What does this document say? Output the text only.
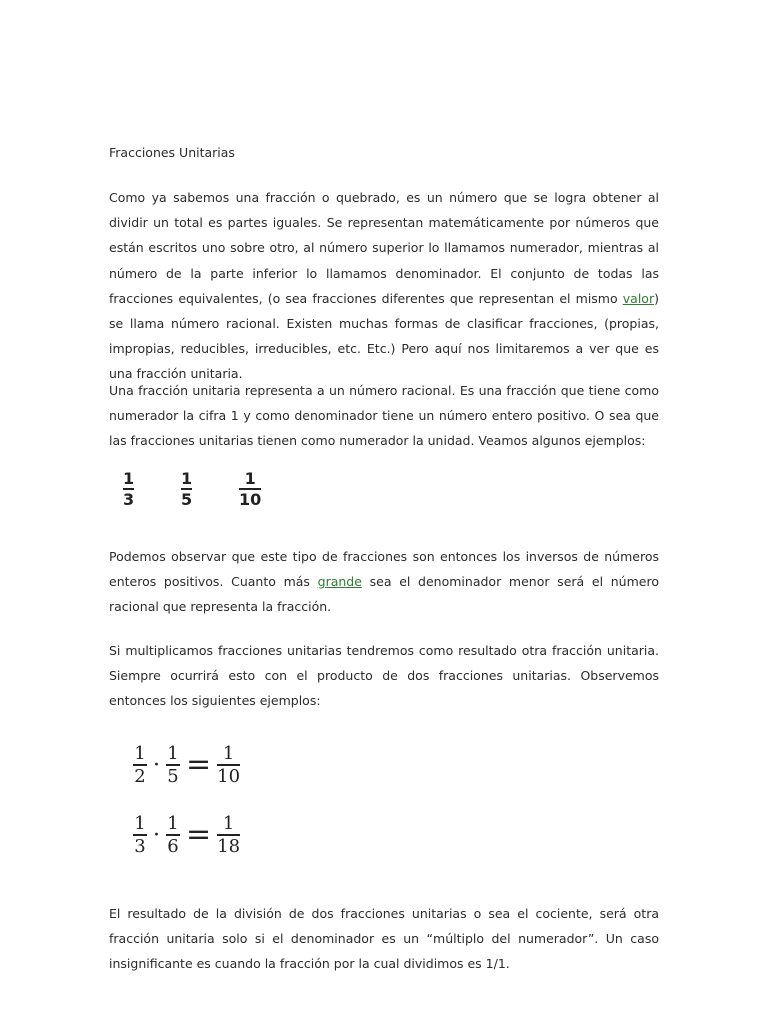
Fracciones Unitarias

Como ya sabemos una fracción o quebrado, es un número que se logra obtener al dividir un total es partes iguales. Se representan matemáticamente por números que están escritos uno sobre otro, al número superior lo llamamos numerador, mientras al número de la parte inferior lo llamamos denominador. El conjunto de todas las fracciones equivalentes, (o sea fracciones diferentes que representan el mismo valor) se llama número racional. Existen muchas formas de clasificar fracciones, (propias, impropias, reducibles, irreducibles, etc. Etc.) Pero aquí nos limitaremos a ver que es una fracción unitaria.

Una fracción unitaria representa a un número racional. Es una fracción que tiene como numerador la cifra 1 y como denominador tiene un número entero positivo. O sea que las fracciones unitarias tienen como numerador la unidad. Veamos algunos ejemplos:

1
3
1
5
1
10

Podemos observar que este tipo de fracciones son entonces los inversos de números enteros positivos. Cuanto más grande sea el denominador menor será el número racional que representa la fracción.

Si multiplicamos fracciones unitarias tendremos como resultado otra fracción unitaria. Siempre ocurrirá esto con el producto de dos fracciones unitarias. Observemos entonces los siguientes ejemplos:

$\frac{1}{2} \cdot \frac{1}{5} = \frac{1}{10}$
$\frac{1}{3} \cdot \frac{1}{6} = \frac{1}{18}$

El resultado de la división de dos fracciones unitarias o sea el cociente, será otra fracción unitaria solo si el denominador es un “múltiplo del numerador”. Un caso insignificante es cuando la fracción por la cual dividimos es 1/1.
